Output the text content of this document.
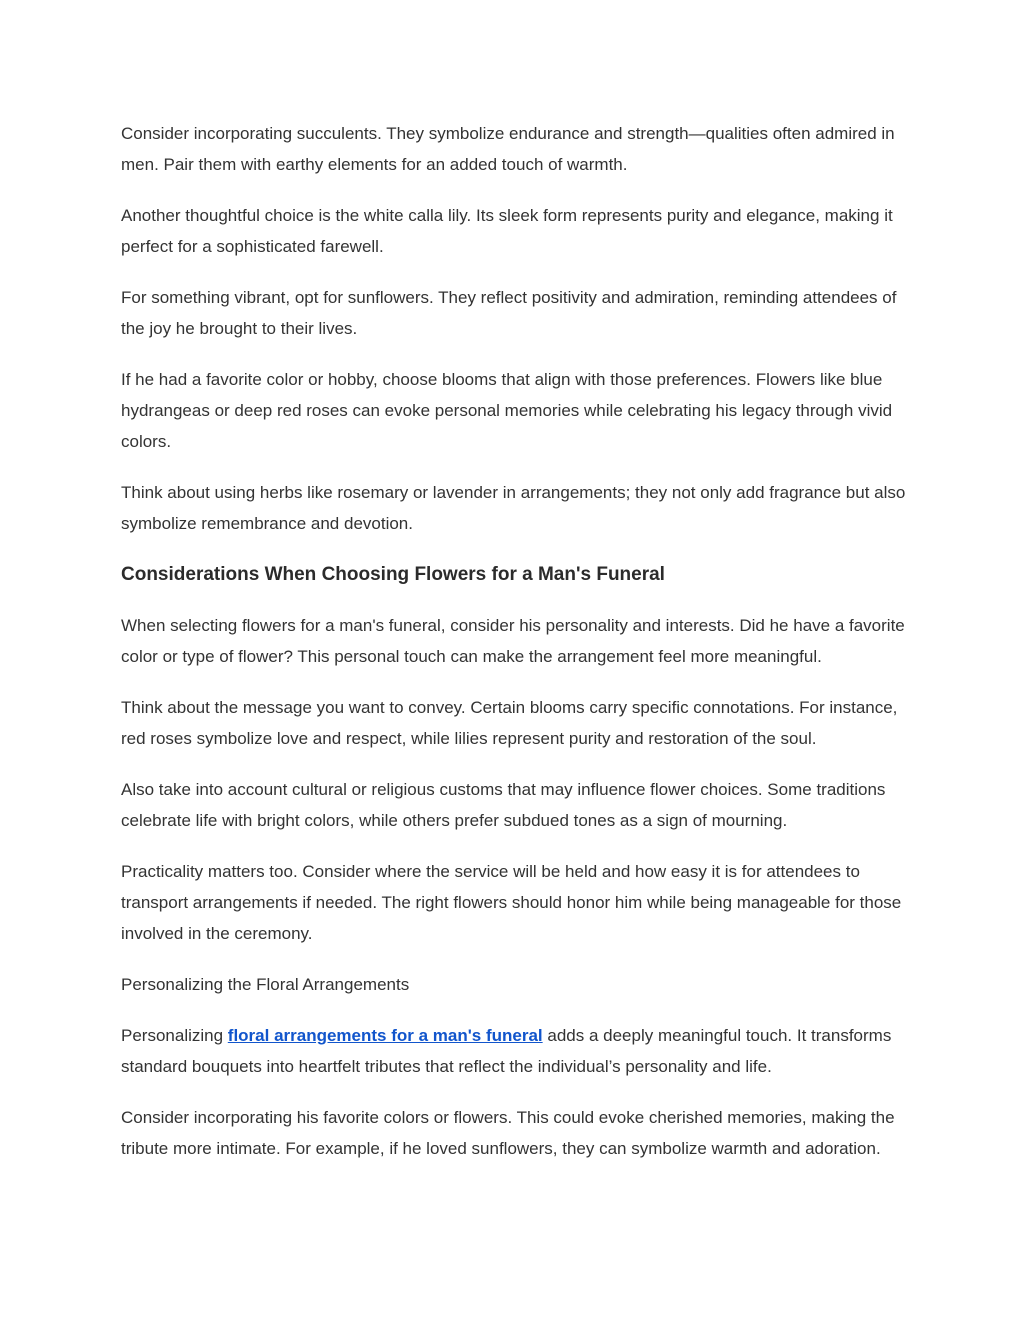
Consider incorporating succulents. They symbolize endurance and strength—qualities often admired in men. Pair them with earthy elements for an added touch of warmth.

Another thoughtful choice is the white calla lily. Its sleek form represents purity and elegance, making it perfect for a sophisticated farewell.

For something vibrant, opt for sunflowers. They reflect positivity and admiration, reminding attendees of the joy he brought to their lives.

If he had a favorite color or hobby, choose blooms that align with those preferences. Flowers like blue hydrangeas or deep red roses can evoke personal memories while celebrating his legacy through vivid colors.

Think about using herbs like rosemary or lavender in arrangements; they not only add fragrance but also symbolize remembrance and devotion.

Considerations When Choosing Flowers for a Man's Funeral

When selecting flowers for a man's funeral, consider his personality and interests. Did he have a favorite color or type of flower? This personal touch can make the arrangement feel more meaningful.

Think about the message you want to convey. Certain blooms carry specific connotations. For instance, red roses symbolize love and respect, while lilies represent purity and restoration of the soul.

Also take into account cultural or religious customs that may influence flower choices. Some traditions celebrate life with bright colors, while others prefer subdued tones as a sign of mourning.

Practicality matters too. Consider where the service will be held and how easy it is for attendees to transport arrangements if needed. The right flowers should honor him while being manageable for those involved in the ceremony.

Personalizing the Floral Arrangements

Personalizing floral arrangements for a man's funeral adds a deeply meaningful touch. It transforms standard bouquets into heartfelt tributes that reflect the individual’s personality and life.

Consider incorporating his favorite colors or flowers. This could evoke cherished memories, making the tribute more intimate. For example, if he loved sunflowers, they can symbolize warmth and adoration.
